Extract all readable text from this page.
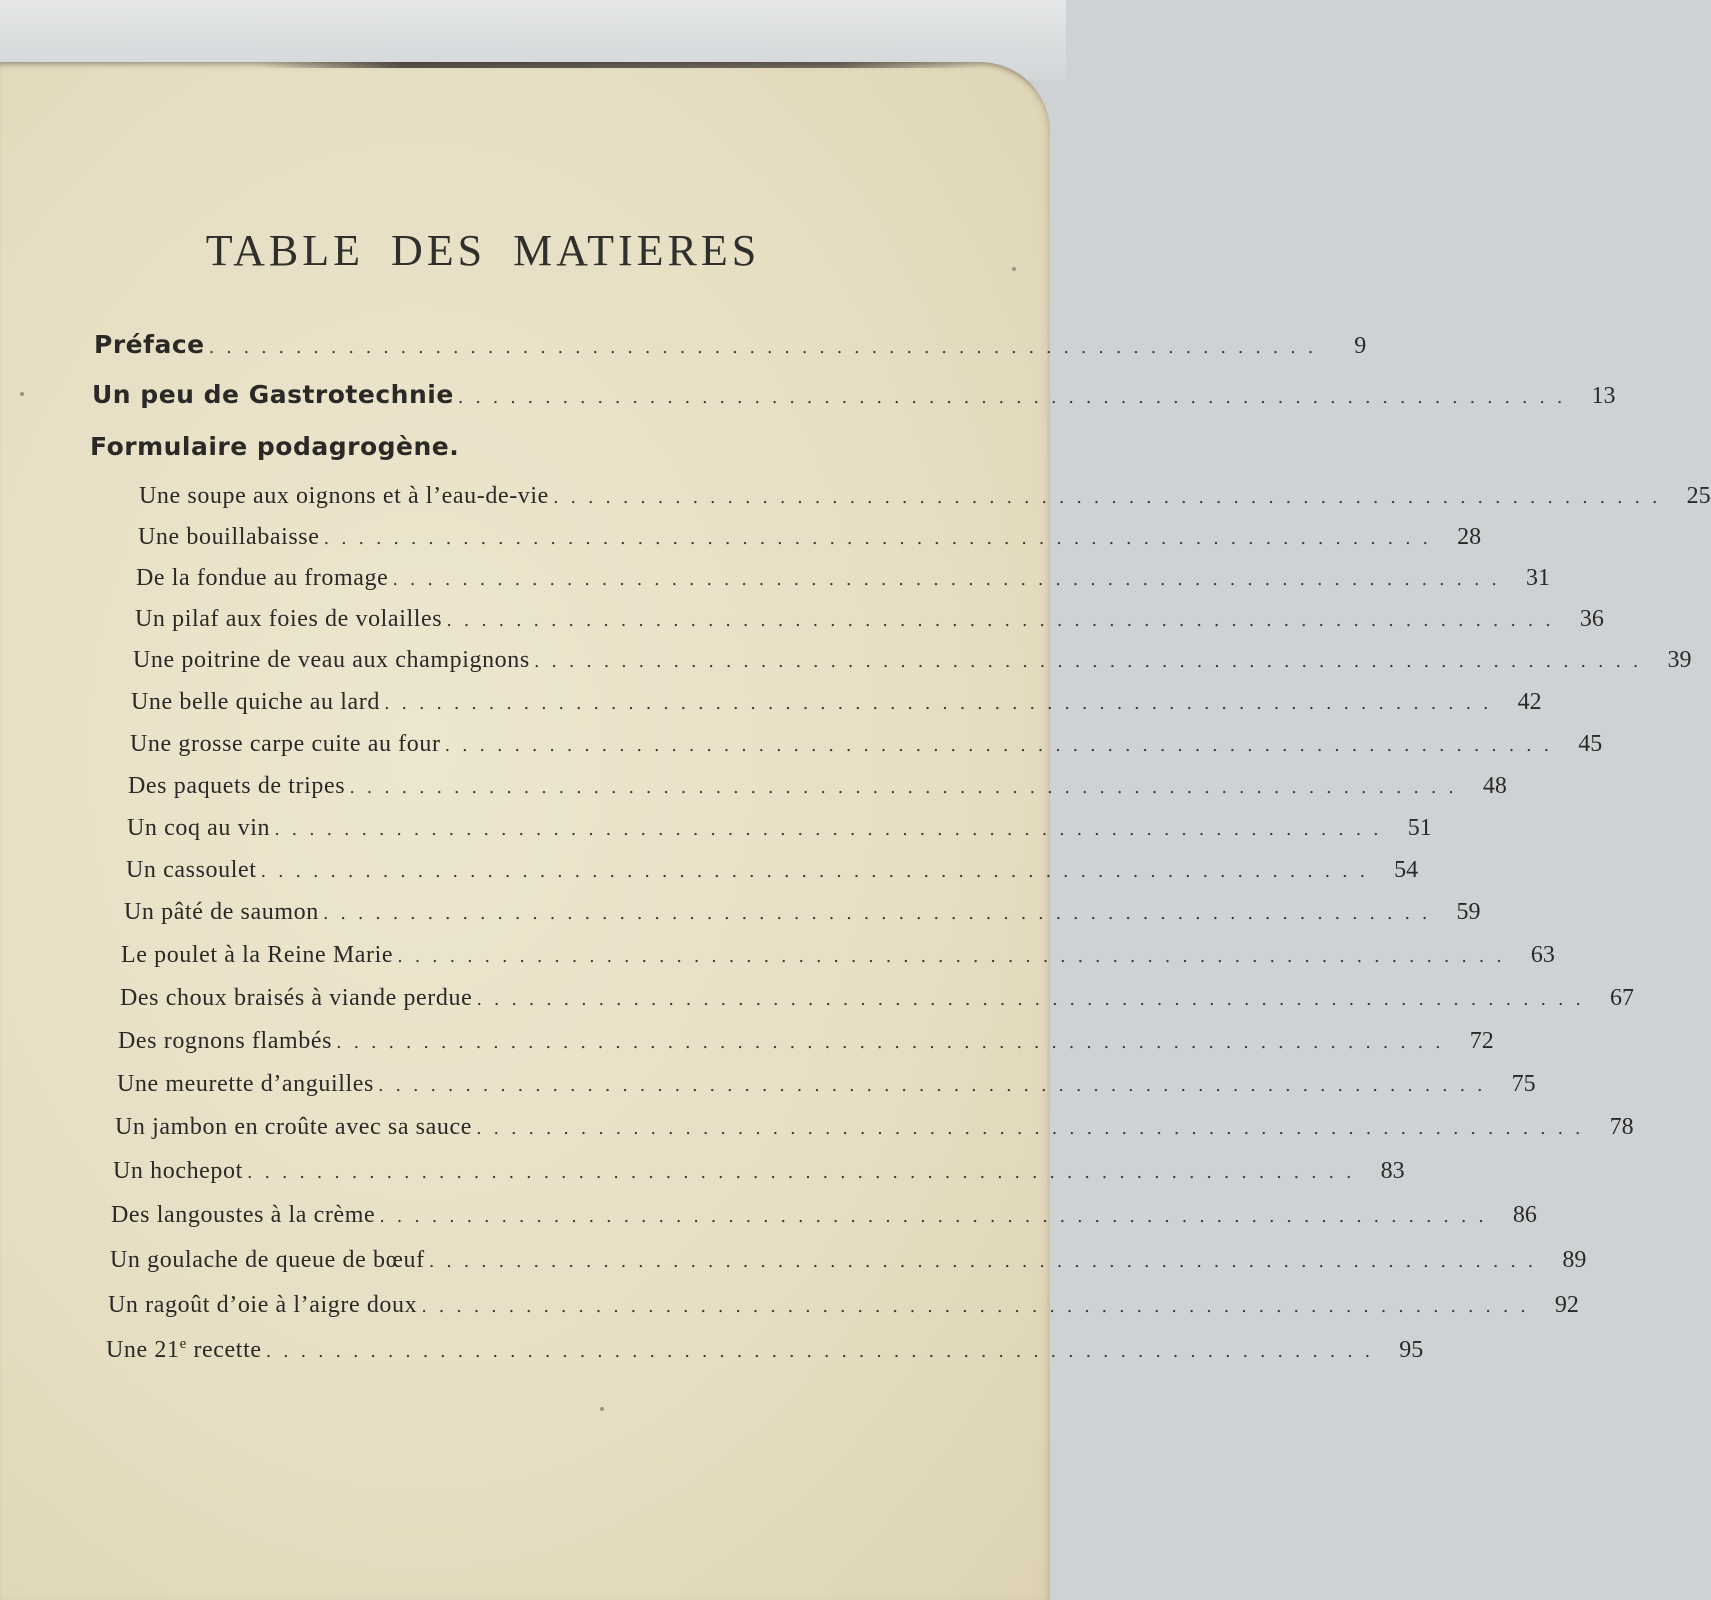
TABLE DES MATIERES
Préface . . . . . . . . . . . . . . . . . . . . . . . . . . . . . . . . . . . . . . . . . . . . . . . . . . . . . . . . . . . . . . . .	9
Un peu de Gastrotechnie . . . . . . . . . . . . . . . . . . . . . . . . . . . . . . . . . . . . . . . . . . . . . . . . . . . . . . . . . . . . . . . .	13
Formulaire podagrogène.
Une soupe aux oignons et à l’eau-de-vie . . . . . . . . . . . . . . . . . . . . . . . . . . . . . . . . . . . . . . . . . . . . . . . . . . . . . . . . . . . . . . . .	25
Une bouillabaisse . . . . . . . . . . . . . . . . . . . . . . . . . . . . . . . . . . . . . . . . . . . . . . . . . . . . . . . . . . . . . . . .	28
De la fondue au fromage . . . . . . . . . . . . . . . . . . . . . . . . . . . . . . . . . . . . . . . . . . . . . . . . . . . . . . . . . . . . . . . .	31
Un pilaf aux foies de volailles . . . . . . . . . . . . . . . . . . . . . . . . . . . . . . . . . . . . . . . . . . . . . . . . . . . . . . . . . . . . . . . .	36
Une poitrine de veau aux champignons . . . . . . . . . . . . . . . . . . . . . . . . . . . . . . . . . . . . . . . . . . . . . . . . . . . . . . . . . . . . . . . .	39
Une belle quiche au lard . . . . . . . . . . . . . . . . . . . . . . . . . . . . . . . . . . . . . . . . . . . . . . . . . . . . . . . . . . . . . . . .	42
Une grosse carpe cuite au four . . . . . . . . . . . . . . . . . . . . . . . . . . . . . . . . . . . . . . . . . . . . . . . . . . . . . . . . . . . . . . . .	45
Des paquets de tripes . . . . . . . . . . . . . . . . . . . . . . . . . . . . . . . . . . . . . . . . . . . . . . . . . . . . . . . . . . . . . . . .	48
Un coq au vin . . . . . . . . . . . . . . . . . . . . . . . . . . . . . . . . . . . . . . . . . . . . . . . . . . . . . . . . . . . . . . . .	51
Un cassoulet . . . . . . . . . . . . . . . . . . . . . . . . . . . . . . . . . . . . . . . . . . . . . . . . . . . . . . . . . . . . . . . .	54
Un pâté de saumon . . . . . . . . . . . . . . . . . . . . . . . . . . . . . . . . . . . . . . . . . . . . . . . . . . . . . . . . . . . . . . . .	59
Le poulet à la Reine Marie . . . . . . . . . . . . . . . . . . . . . . . . . . . . . . . . . . . . . . . . . . . . . . . . . . . . . . . . . . . . . . . .	63
Des choux braisés à viande perdue . . . . . . . . . . . . . . . . . . . . . . . . . . . . . . . . . . . . . . . . . . . . . . . . . . . . . . . . . . . . . . . .	67
Des rognons flambés . . . . . . . . . . . . . . . . . . . . . . . . . . . . . . . . . . . . . . . . . . . . . . . . . . . . . . . . . . . . . . . .	72
Une meurette d’anguilles . . . . . . . . . . . . . . . . . . . . . . . . . . . . . . . . . . . . . . . . . . . . . . . . . . . . . . . . . . . . . . . .	75
Un jambon en croûte avec sa sauce . . . . . . . . . . . . . . . . . . . . . . . . . . . . . . . . . . . . . . . . . . . . . . . . . . . . . . . . . . . . . . . .	78
Un hochepot . . . . . . . . . . . . . . . . . . . . . . . . . . . . . . . . . . . . . . . . . . . . . . . . . . . . . . . . . . . . . . . .	83
Des langoustes à la crème . . . . . . . . . . . . . . . . . . . . . . . . . . . . . . . . . . . . . . . . . . . . . . . . . . . . . . . . . . . . . . . .	86
Un goulache de queue de bœuf . . . . . . . . . . . . . . . . . . . . . . . . . . . . . . . . . . . . . . . . . . . . . . . . . . . . . . . . . . . . . . . .	89
Un ragoût d’oie à l’aigre doux . . . . . . . . . . . . . . . . . . . . . . . . . . . . . . . . . . . . . . . . . . . . . . . . . . . . . . . . . . . . . . . .	92
Une 21e recette . . . . . . . . . . . . . . . . . . . . . . . . . . . . . . . . . . . . . . . . . . . . . . . . . . . . . . . . . . . . . . . .	95
